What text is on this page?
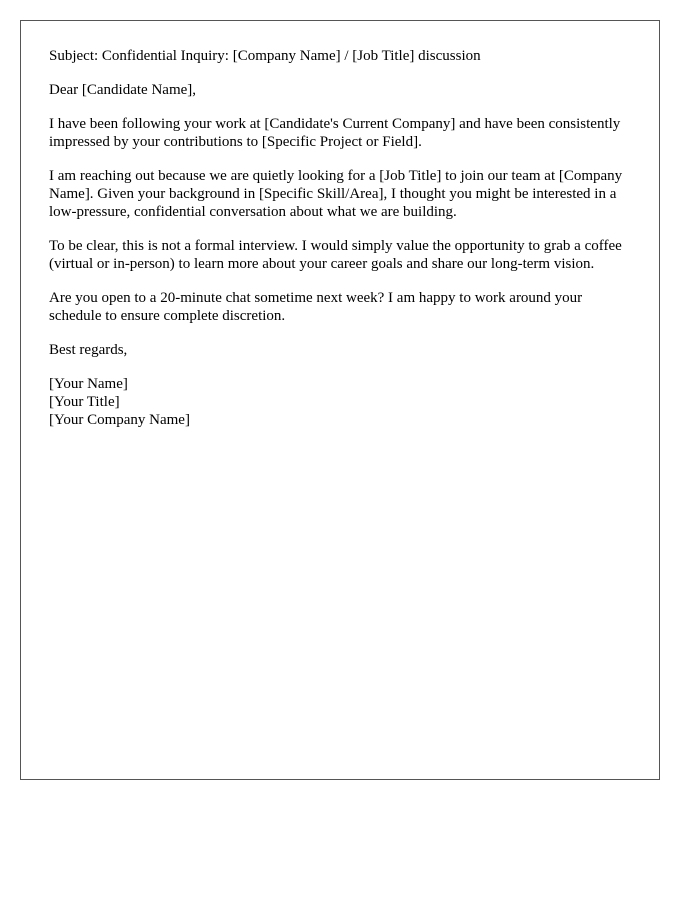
Subject: Confidential Inquiry: [Company Name] / [Job Title] discussion

Dear [Candidate Name],

I have been following your work at [Candidate's Current Company] and have been consistently impressed by your contributions to [Specific Project or Field].

I am reaching out because we are quietly looking for a [Job Title] to join our team at [Company Name]. Given your background in [Specific Skill/Area], I thought you might be interested in a low-pressure, confidential conversation about what we are building.

To be clear, this is not a formal interview. I would simply value the opportunity to grab a coffee (virtual or in-person) to learn more about your career goals and share our long-term vision.

Are you open to a 20-minute chat sometime next week? I am happy to work around your schedule to ensure complete discretion.

Best regards,

[Your Name]
[Your Title]
[Your Company Name]
